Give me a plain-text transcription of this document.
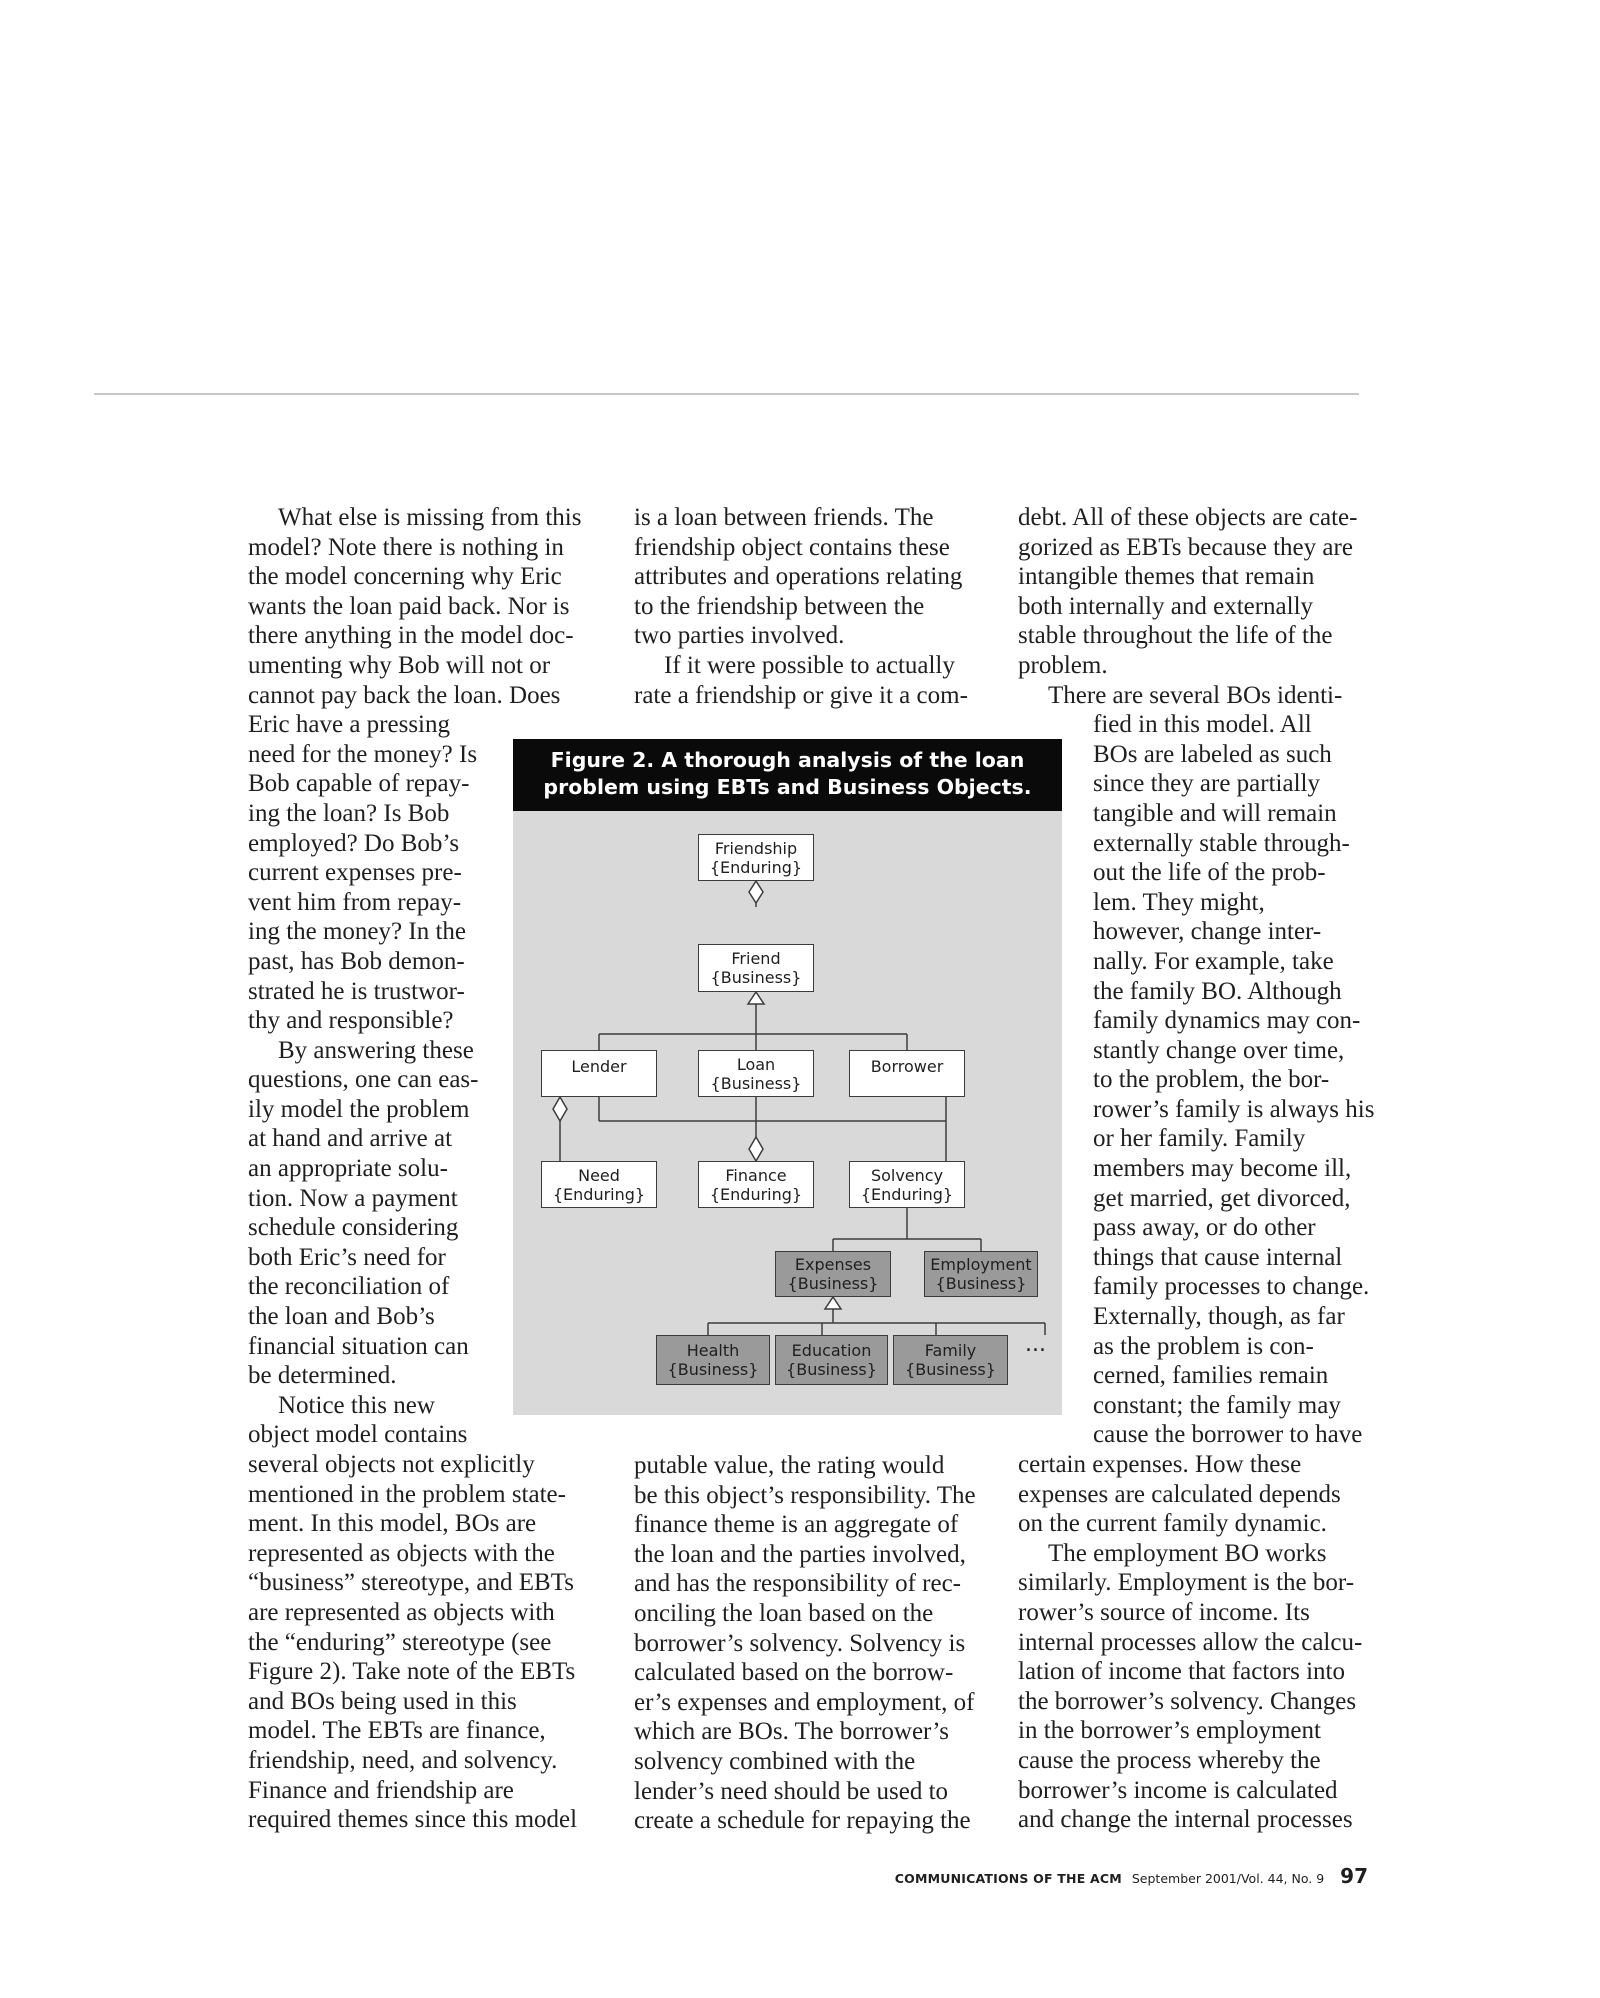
What else is missing from this
model? Note there is nothing in
the model concerning why Eric
wants the loan paid back. Nor is
there anything in the model doc-
umenting why Bob will not or
cannot pay back the loan. Does
Eric have a pressing
need for the money? Is
Bob capable of repay-
ing the loan? Is Bob
employed? Do Bob’s
current expenses pre-
vent him from repay-
ing the money? In the
past, has Bob demon-
strated he is trustwor-
thy and responsible?
By answering these
questions, one can eas-
ily model the problem
at hand and arrive at
an appropriate solu-
tion. Now a payment
schedule considering
both Eric’s need for
the reconciliation of
the loan and Bob’s
financial situation can
be determined.
Notice this new
object model contains
several objects not explicitly
mentioned in the problem state-
ment. In this model, BOs are
represented as objects with the
“business” stereotype, and EBTs
are represented as objects with
the “enduring” stereotype (see
Figure 2). Take note of the EBTs
and BOs being used in this
model. The EBTs are finance,
friendship, need, and solvency.
Finance and friendship are
required themes since this model
is a loan between friends. The
friendship object contains these
attributes and operations relating
to the friendship between the
two parties involved.
If it were possible to actually
rate a friendship or give it a com-
putable value, the rating would
be this object’s responsibility. The
finance theme is an aggregate of
the loan and the parties involved,
and has the responsibility of rec-
onciling the loan based on the
borrower’s solvency. Solvency is
calculated based on the borrow-
er’s expenses and employment, of
which are BOs. The borrower’s
solvency combined with the
lender’s need should be used to
create a schedule for repaying the
debt. All of these objects are cate-
gorized as EBTs because they are
intangible themes that remain
both internally and externally
stable throughout the life of the
problem.
There are several BOs identi-
fied in this model. All
BOs are labeled as such
since they are partially
tangible and will remain
externally stable through-
out the life of the prob-
lem. They might,
however, change inter-
nally. For example, take
the family BO. Although
family dynamics may con-
stantly change over time,
to the problem, the bor-
rower’s family is always his
or her family. Family
members may become ill,
get married, get divorced,
pass away, or do other
things that cause internal
family processes to change.
Externally, though, as far
as the problem is con-
cerned, families remain
constant; the family may
cause the borrower to have
certain expenses. How these
expenses are calculated depends
on the current family dynamic.
The employment BO works
similarly. Employment is the bor-
rower’s source of income. Its
internal processes allow the calcu-
lation of income that factors into
the borrower’s solvency. Changes
in the borrower’s employment
cause the process whereby the
borrower’s income is calculated
and change the internal processes
Figure 2. A thorough analysis of the loan
problem using EBTs and Business Objects.
...
Friendship
{Enduring}
Friend
{Business}
Lender	Loan
{Business}
Borrower
Need
{Enduring}
Finance
{Enduring}
Solvency
{Enduring}
Expenses
{Business}
Employment
{Business}
Health
{Business}
Education
{Business}
Family
{Business}
COMMUNICATIONS OF THE ACM September 2001/Vol. 44, No. 9 97
